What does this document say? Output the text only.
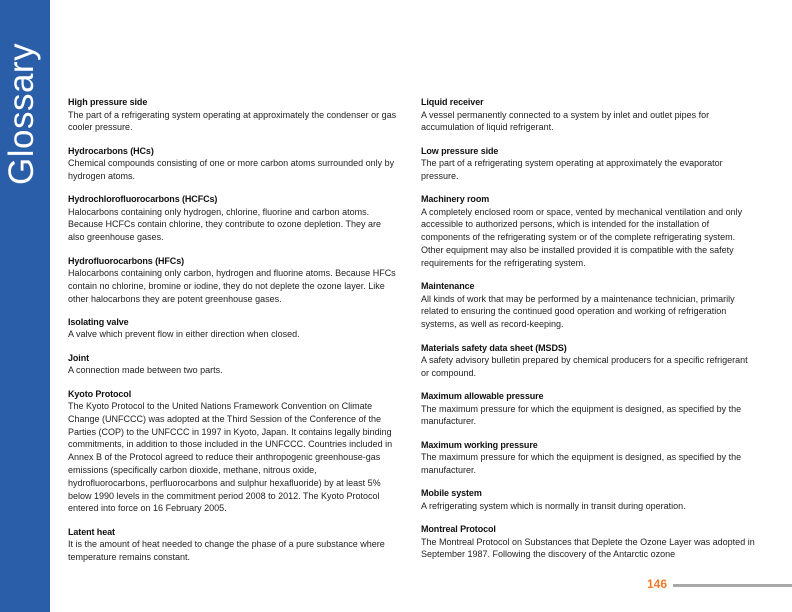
Glossary	High pressure side
The part of a refrigerating system operating at approximately the condenser or gas cooler pressure.
Hydrocarbons (HCs)
Chemical compounds consisting of one or more carbon atoms surrounded only by hydrogen atoms.
Hydrochlorofluorocarbons (HCFCs)
Halocarbons containing only hydrogen, chlorine, fluorine and carbon atoms. Because HCFCs contain chlorine, they contribute to ozone depletion. They are also greenhouse gases.
Hydrofluorocarbons (HFCs)
Halocarbons containing only carbon, hydrogen and fluorine atoms. Because HFCs contain no chlorine, bromine or iodine, they do not deplete the ozone layer. Like other halocarbons they are potent greenhouse gases.
Isolating valve
A valve which prevent flow in either direction when closed.
Joint
A connection made between two parts.
Kyoto Protocol
The Kyoto Protocol to the United Nations Framework Convention on Climate Change (UNFCCC) was adopted at the Third Session of the Conference of the Parties (COP) to the UNFCCC in 1997 in Kyoto, Japan. It contains legally binding commitments, in addition to those included in the UNFCCC. Countries included in Annex B of the Protocol agreed to reduce their anthropogenic greenhouse-gas emissions (specifically carbon dioxide, methane, nitrous oxide, hydrofluorocarbons, perfluorocarbons and sulphur hexafluoride) by at least 5% below 1990 levels in the commitment period 2008 to 2012. The Kyoto Protocol entered into force on 16 February 2005.
Latent heat
It is the amount of heat needed to change the phase of a pure substance where temperature remains constant.
Liquid receiver
A vessel permanently connected to a system by inlet and outlet pipes for accumulation of liquid refrigerant.
Low pressure side
The part of a refrigerating system operating at approximately the evaporator pressure.
Machinery room
A completely enclosed room or space, vented by mechanical ventilation and only accessible to authorized persons, which is intended for the installation of components of the refrigerating system or of the complete refrigerating system. Other equipment may also be installed provided it is compatible with the safety requirements for the refrigerating system.
Maintenance
All kinds of work that may be performed by a maintenance technician, primarily related to ensuring the continued good operation and working of refrigeration systems, as well as record-keeping.
Materials safety data sheet (MSDS)
A safety advisory bulletin prepared by chemical producers for a specific refrigerant or compound.
Maximum allowable pressure
The maximum pressure for which the equipment is designed, as specified by the manufacturer.
Maximum working pressure
The maximum pressure for which the equipment is designed, as specified by the manufacturer.
Mobile system
A refrigerating system which is normally in transit during operation.
Montreal Protocol
The Montreal Protocol on Substances that Deplete the Ozone Layer was adopted in September 1987. Following the discovery of the Antarctic ozone
146
